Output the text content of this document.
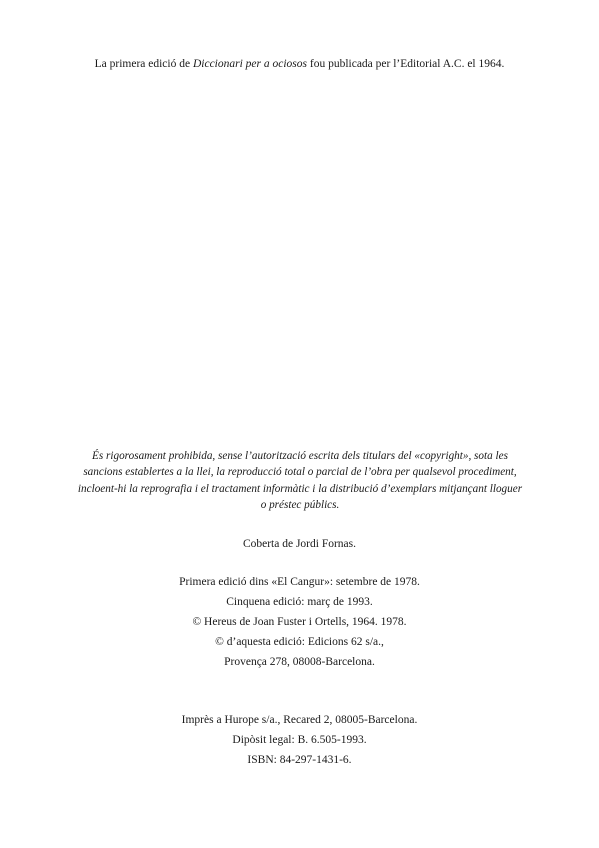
La primera edició de Diccionari per a ociosos fou publicada per l’Editorial A.C. el 1964.
És rigorosament prohibida, sense l’autorització escrita dels titulars del «copyright», sota les
sancions establertes a la llei, la reproducció total o parcial de l’obra per qualsevol procediment,
incloent-hi la reprografia i el tractament informàtic i la distribució d’exemplars mitjançant lloguer
o préstec públics.
Coberta de Jordi Fornas.
Primera edició dins «El Cangur»: setembre de 1978.
Cinquena edició: març de 1993.
© Hereus de Joan Fuster i Ortells, 1964. 1978.
© d’aquesta edició: Edicions 62 s/a.,
Provença 278, 08008-Barcelona.
Imprès a Hurope s/a., Recared 2, 08005-Barcelona.
Dipòsit legal: B. 6.505-1993.
ISBN: 84-297-1431-6.
